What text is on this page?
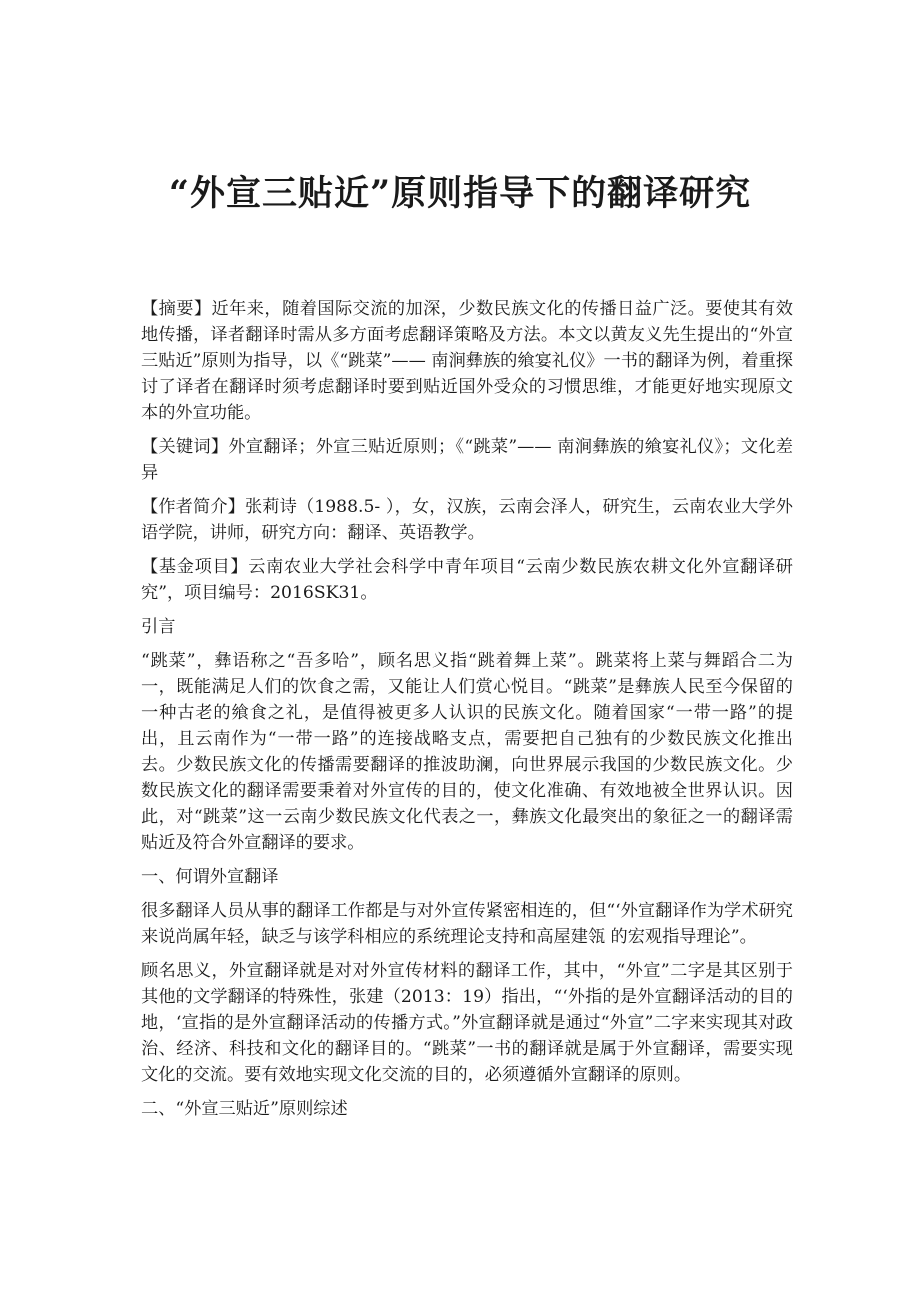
“外宣三贴近”原则指导下的翻译研究

【摘要】近年来，随着国际交流的加深，少数民族文化的传播日益广泛。要使其有效地传播，译者翻译时需从多方面考虑翻译策略及方法。本文以黄友义先生提出的“外宣三贴近”原则为指导，以《“跳菜”—— 南涧彝族的飨宴礼仪》一书的翻译为例，着重探讨了译者在翻译时须考虑翻译时要到贴近国外受众的习惯思维，才能更好地实现原文本的外宣功能。

【关键词】外宣翻译；外宣三贴近原则；《“跳菜”—— 南涧彝族的飨宴礼仪》；文化差异

【作者简介】张莉诗（1988.5- ），女，汉族，云南会泽人，研究生，云南农业大学外语学院，讲师，研究方向：翻译、英语教学。

【基金项目】云南农业大学社会科学中青年项目“云南少数民族农耕文化外宣翻译研究”，项目编号：2016SK31。

引言

“跳菜”，彝语称之“吾多哈”，顾名思义指“跳着舞上菜”。跳菜将上菜与舞蹈合二为一，既能满足人们的饮食之需，又能让人们赏心悦目。“跳菜”是彝族人民至今保留的一种古老的飨食之礼，是值得被更多人认识的民族文化。随着国家“一带一路”的提出，且云南作为“一带一路”的连接战略支点，需要把自己独有的少数民族文化推出去。少数民族文化的传播需要翻译的推波助澜，向世界展示我国的少数民族文化。少数民族文化的翻译需要秉着对外宣传的目的，使文化准确、有效地被全世界认识。因此，对“跳菜”这一云南少数民族文化代表之一，彝族文化最突出的象征之一的翻译需贴近及符合外宣翻译的要求。

一、何谓外宣翻译

很多翻译人员从事的翻译工作都是与对外宣传紧密相连的，但“‘外宣翻译作为学术研究来说尚属年轻，缺乏与该学科相应的系统理论支持和高屋建瓴 的宏观指导理论”。

顾名思义，外宣翻译就是对对外宣传材料的翻译工作，其中，“外宣”二字是其区别于其他的文学翻译的特殊性，张建（2013：19）指出，“‘外指的是外宣翻译活动的目的地，‘宣指的是外宣翻译活动的传播方式。”外宣翻译就是通过“外宣”二字来实现其对政治、经济、科技和文化的翻译目的。“跳菜”一书的翻译就是属于外宣翻译，需要实现文化的交流。要有效地实现文化交流的目的，必须遵循外宣翻译的原则。

二、“外宣三贴近”原则综述
